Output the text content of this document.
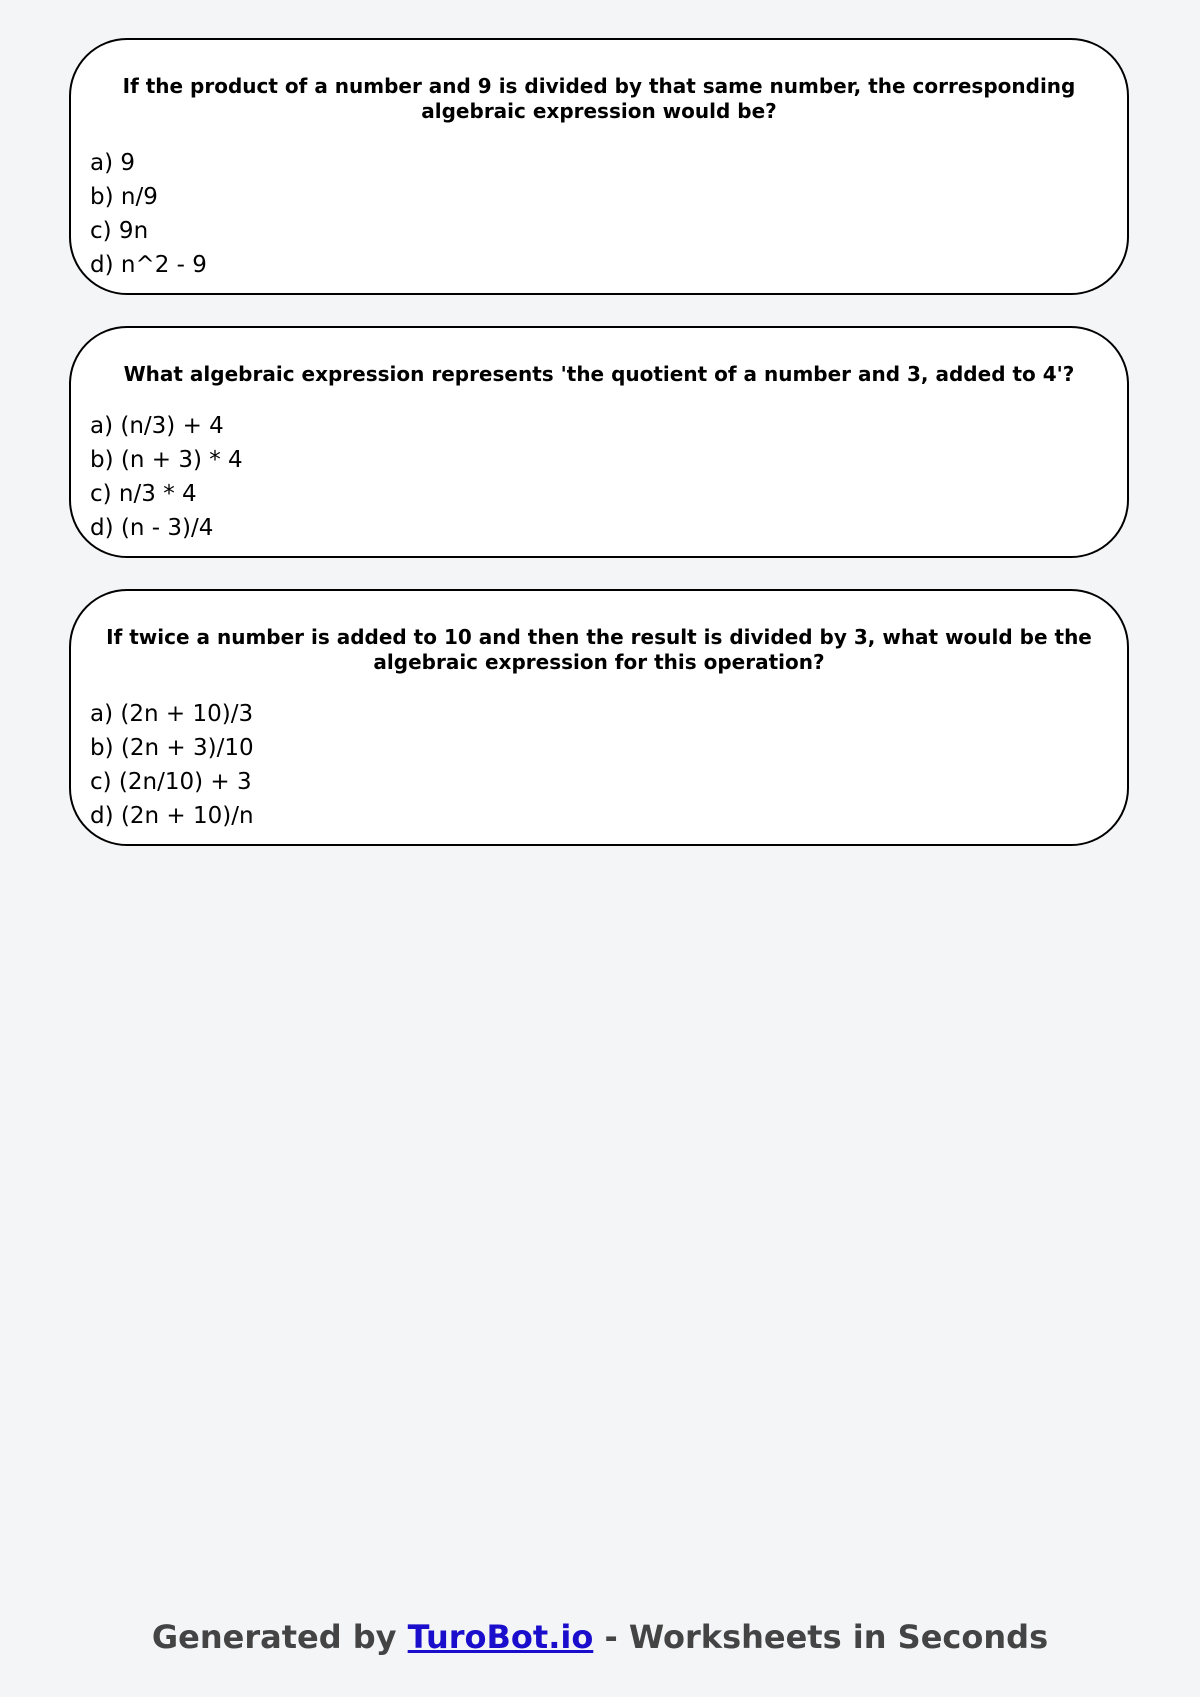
If the product of a number and 9 is divided by that same number, the corresponding algebraic expression would be?

a) 9
b) n/9
c) 9n
d) n^2 - 9

What algebraic expression represents 'the quotient of a number and 3, added to 4'?

a) (n/3) + 4
b) (n + 3) * 4
c) n/3 * 4
d) (n - 3)/4

If twice a number is added to 10 and then the result is divided by 3, what would be the algebraic expression for this operation?

a) (2n + 10)/3
b) (2n + 3)/10
c) (2n/10) + 3
d) (2n + 10)/n
Generated by TuroBot.io - Worksheets in Seconds
